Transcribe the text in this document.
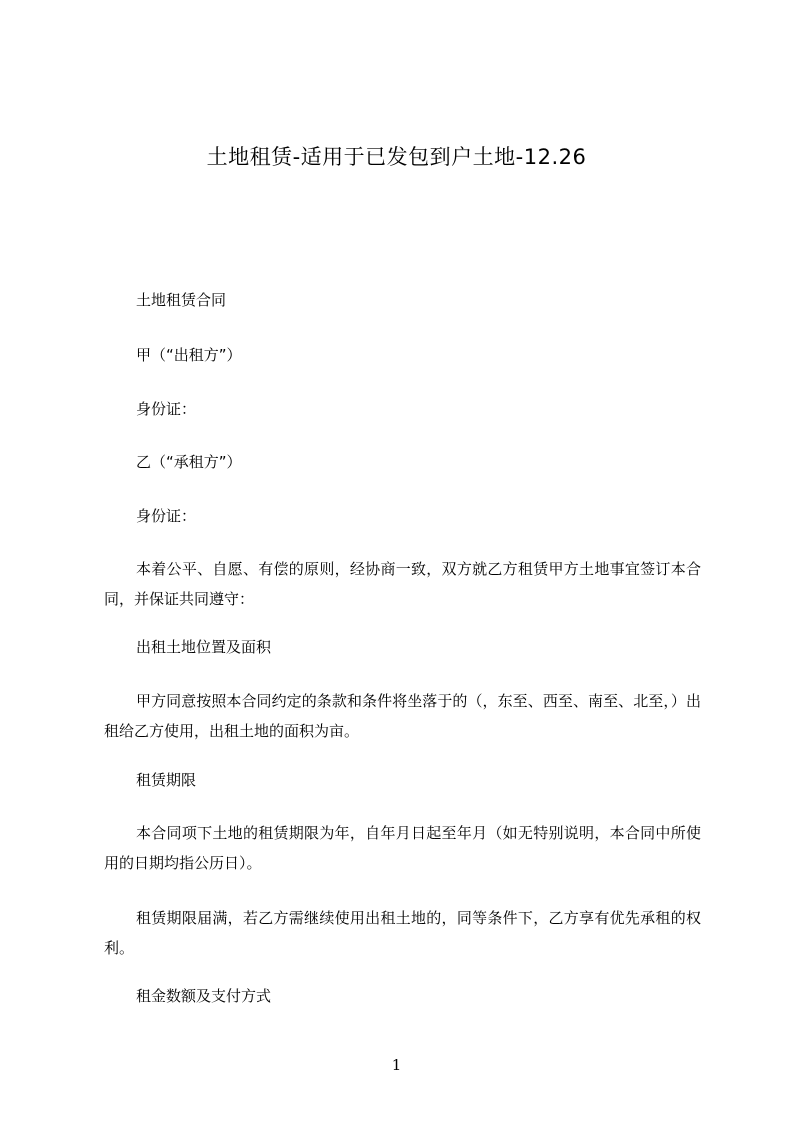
土地租赁-适用于已发包到户土地-12.26

土地租赁合同

甲（“出租方”）

身份证：

乙（“承租方”）

身份证：

本着公平、自愿、有偿的原则，经协商一致，双方就乙方租赁甲方土地事宜签订本合同，并保证共同遵守：

出租土地位置及面积

甲方同意按照本合同约定的条款和条件将坐落于的（，东至、西至、南至、北至，）出租给乙方使用，出租土地的面积为亩。

租赁期限

本合同项下土地的租赁期限为年，自年月日起至年月（如无特别说明，本合同中所使用的日期均指公历日）。

租赁期限届满，若乙方需继续使用出租土地的，同等条件下，乙方享有优先承租的权利。

租金数额及支付方式

1
